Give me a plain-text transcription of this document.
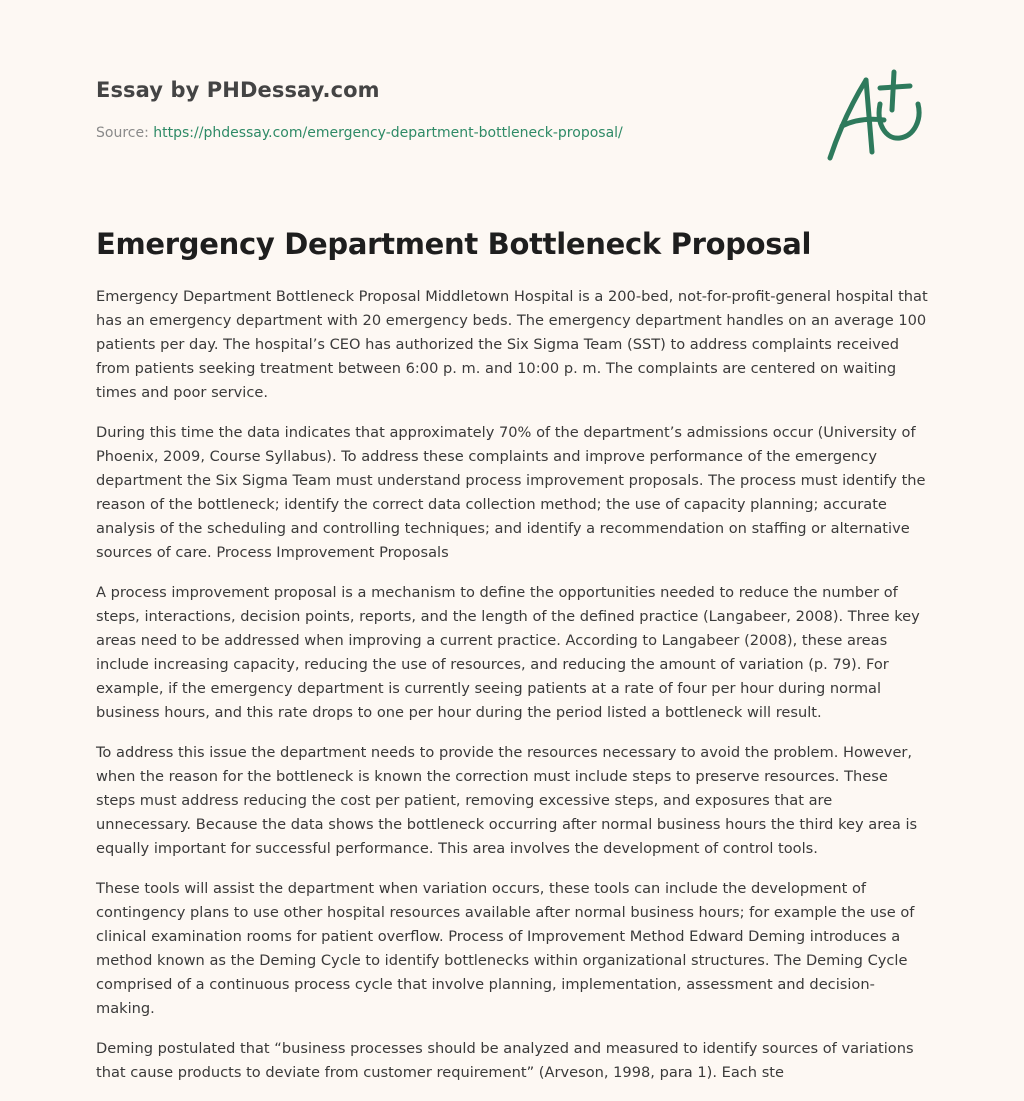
Essay by PHDessay.com
Source: https://phdessay.com/emergency-department-bottleneck-proposal/
Emergency Department Bottleneck Proposal

Emergency Department Bottleneck Proposal Middletown Hospital is a 200-bed, not-for-profit-general hospital that has an emergency department with 20 emergency beds. The emergency department handles on an average 100 patients per day. The hospital’s CEO has authorized the Six Sigma Team (SST) to address complaints received from patients seeking treatment between 6:00 p. m. and 10:00 p. m. The complaints are centered on waiting times and poor service.

During this time the data indicates that approximately 70% of the department’s admissions occur (University of Phoenix, 2009, Course Syllabus). To address these complaints and improve performance of the emergency department the Six Sigma Team must understand process improvement proposals. The process must identify the reason of the bottleneck; identify the correct data collection method; the use of capacity planning; accurate analysis of the scheduling and controlling techniques; and identify a recommendation on staffing or alternative sources of care. Process Improvement Proposals

A process improvement proposal is a mechanism to define the opportunities needed to reduce the number of steps, interactions, decision points, reports, and the length of the defined practice (Langabeer, 2008). Three key areas need to be addressed when improving a current practice. According to Langabeer (2008), these areas include increasing capacity, reducing the use of resources, and reducing the amount of variation (p. 79). For example, if the emergency department is currently seeing patients at a rate of four per hour during normal business hours, and this rate drops to one per hour during the period listed a bottleneck will result.

To address this issue the department needs to provide the resources necessary to avoid the problem. However, when the reason for the bottleneck is known the correction must include steps to preserve resources. These steps must address reducing the cost per patient, removing excessive steps, and exposures that are unnecessary. Because the data shows the bottleneck occurring after normal business hours the third key area is equally important for successful performance. This area involves the development of control tools.

These tools will assist the department when variation occurs, these tools can include the development of contingency plans to use other hospital resources available after normal business hours; for example the use of clinical examination rooms for patient overflow. Process of Improvement Method Edward Deming introduces a method known as the Deming Cycle to identify bottlenecks within organizational structures. The Deming Cycle comprised of a continuous process cycle that involve planning, implementation, assessment and decision-making.

Deming postulated that “business processes should be analyzed and measured to identify sources of variations that cause products to deviate from customer requirement” (Arveson, 1998, para 1). Each ste
